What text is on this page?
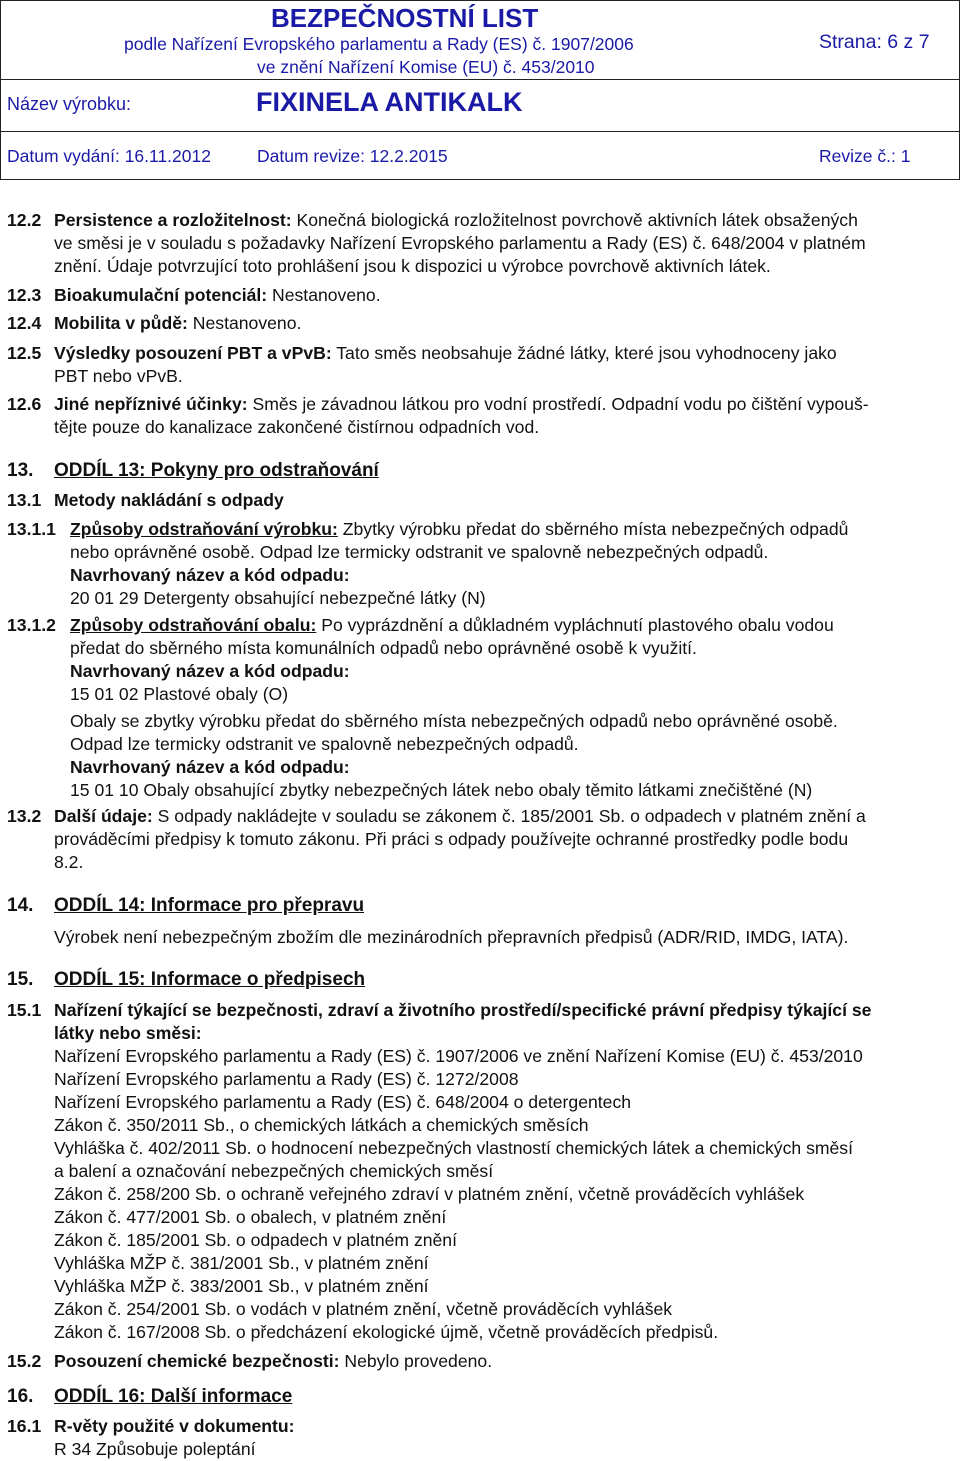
BEZPEČNOSTNÍ LIST
podle Nařízení Evropského parlamentu a Rady (ES) č. 1907/2006
ve znění Nařízení Komise (EU) č. 453/2010
Strana: 6 z 7
Název výrobku:	FIXINELA ANTIKALK
Datum vydání: 16.11.2012	Datum revize: 12.2.2015	Revize č.: 1
12.2 Persistence a rozložitelnost: Konečná biologická rozložitelnost povrchově aktivních látek obsažených
ve směsi je v souladu s požadavky Nařízení Evropského parlamentu a Rady (ES) č. 648/2004 v platném
znění. Údaje potvrzující toto prohlášení jsou k dispozici u výrobce povrchově aktivních látek.
12.3 Bioakumulační potenciál: Nestanoveno.
12.4 Mobilita v půdě: Nestanoveno.
12.5 Výsledky posouzení PBT a vPvB: Tato směs neobsahuje žádné látky, které jsou vyhodnoceny jako
PBT nebo vPvB.
12.6 Jiné nepříznivé účinky: Směs je závadnou látkou pro vodní prostředí. Odpadní vodu po čištění vypouš-
tějte pouze do kanalizace zakončené čistírnou odpadních vod.
13. ODDÍL 13: Pokyny pro odstraňování
13.1 Metody nakládání s odpady
13.1.1 Způsoby odstraňování výrobku: Zbytky výrobku předat do sběrného místa nebezpečných odpadů
nebo oprávněné osobě. Odpad lze termicky odstranit ve spalovně nebezpečných odpadů.
Navrhovaný název a kód odpadu:
20 01 29 Detergenty obsahující nebezpečné látky (N)
13.1.2 Způsoby odstraňování obalu: Po vyprázdnění a důkladném vypláchnutí plastového obalu vodou
předat do sběrného místa komunálních odpadů nebo oprávněné osobě k využití.
Navrhovaný název a kód odpadu:
15 01 02 Plastové obaly (O)
Obaly se zbytky výrobku předat do sběrného místa nebezpečných odpadů nebo oprávněné osobě.
Odpad lze termicky odstranit ve spalovně nebezpečných odpadů.
Navrhovaný název a kód odpadu:
15 01 10 Obaly obsahující zbytky nebezpečných látek nebo obaly těmito látkami znečištěné (N)
13.2 Další údaje: S odpady nakládejte v souladu se zákonem č. 185/2001 Sb. o odpadech v platném znění a
prováděcími předpisy k tomuto zákonu. Při práci s odpady používejte ochranné prostředky podle bodu
8.2.
14. ODDÍL 14: Informace pro přepravu
Výrobek není nebezpečným zbožím dle mezinárodních přepravních předpisů (ADR/RID, IMDG, IATA).
15. ODDÍL 15: Informace o předpisech
15.1 Nařízení týkající se bezpečnosti, zdraví a životního prostředí/specifické právní předpisy týkající se
látky nebo směsi:
Nařízení Evropského parlamentu a Rady (ES) č. 1907/2006 ve znění Nařízení Komise (EU) č. 453/2010
Nařízení Evropského parlamentu a Rady (ES) č. 1272/2008
Nařízení Evropského parlamentu a Rady (ES) č. 648/2004 o detergentech
Zákon č. 350/2011 Sb., o chemických látkách a chemických směsích
Vyhláška č. 402/2011 Sb. o hodnocení nebezpečných vlastností chemických látek a chemických směsí
a balení a označování nebezpečných chemických směsí
Zákon č. 258/200 Sb. o ochraně veřejného zdraví v platném znění, včetně prováděcích vyhlášek
Zákon č. 477/2001 Sb. o obalech, v platném znění
Zákon č. 185/2001 Sb. o odpadech v platném znění
Vyhláška MŽP č. 381/2001 Sb., v platném znění
Vyhláška MŽP č. 383/2001 Sb., v platném znění
Zákon č. 254/2001 Sb. o vodách v platném znění, včetně prováděcích vyhlášek
Zákon č. 167/2008 Sb. o předcházení ekologické újmě, včetně prováděcích předpisů.
15.2 Posouzení chemické bezpečnosti: Nebylo provedeno.
16. ODDÍL 16: Další informace
16.1 R-věty použité v dokumentu:
R 34 Způsobuje poleptání
